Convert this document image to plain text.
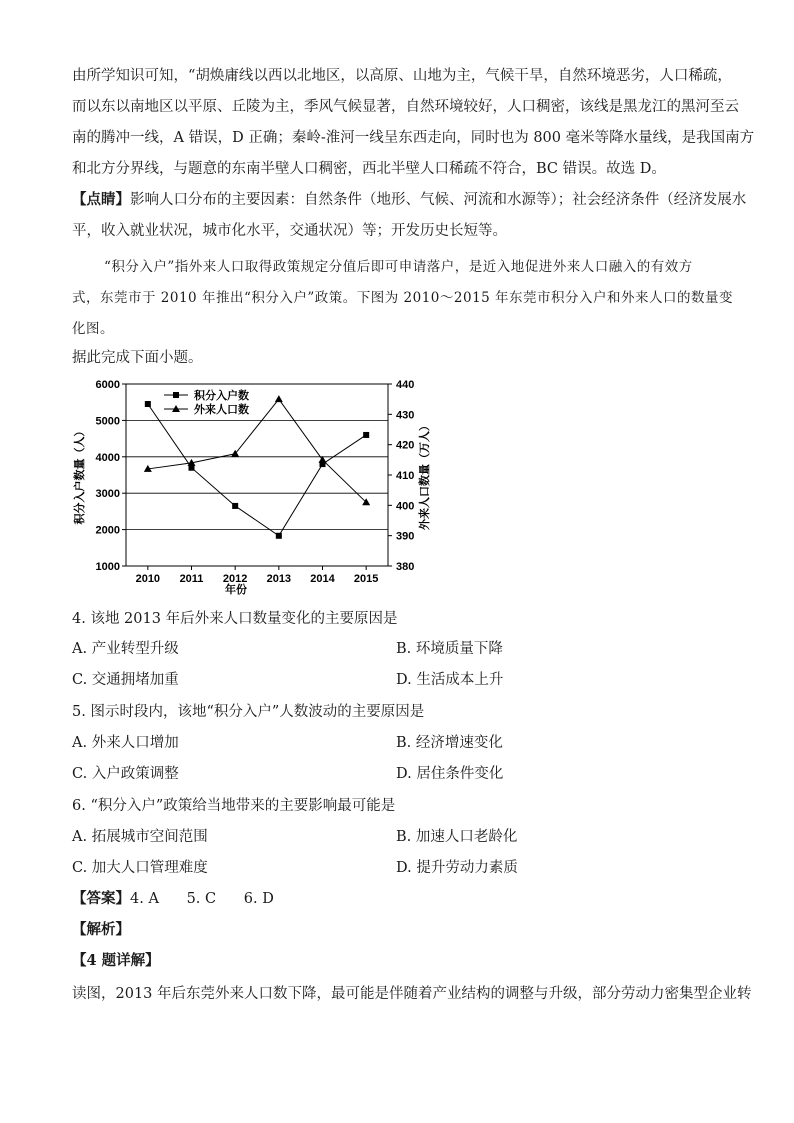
由所学知识可知，“胡焕庸线以西以北地区，以高原、山地为主，气候干旱，自然环境恶劣，人口稀疏，
而以东以南地区以平原、丘陵为主，季风气候显著，自然环境较好，人口稠密，该线是黑龙江的黑河至云
南的腾冲一线，A 错误，D 正确；秦岭-淮河一线呈东西走向，同时也为 800 毫米等降水量线，是我国南方
和北方分界线，与题意的东南半壁人口稠密，西北半壁人口稀疏不符合，BC 错误。故选 D。
【点睛】影响人口分布的主要因素：自然条件（地形、气候、河流和水源等）；社会经济条件（经济发展水
平，收入就业状况，城市化水平，交通状况）等；开发历史长短等。
“积分入户”指外来人口取得政策规定分值后即可申请落户，是近入地促进外来人口融入的有效方
式，东莞市于 2010 年推出“积分入户”政策。下图为 2010～2015 年东莞市积分入户和外来人口的数量变
化图。
据此完成下面小题。
1000
2000
3000
4000
5000
6000
380
390
400
410
420
430
440
2010 2011 2012 2013 2014 2015
积分入户数
外来人口数
年份
积分入户数量（人）	外来人口数量（万人）
4. 该地 2013 年后外来人口数量变化的主要原因是
A. 产业转型升级	B. 环境质量下降
C. 交通拥堵加重	D. 生活成本上升
5. 图示时段内，该地“积分入户”人数波动的主要原因是
A. 外来人口增加	B. 经济增速变化
C. 入户政策调整	D. 居住条件变化
6. “积分入户”政策给当地带来的主要影响最可能是
A. 拓展城市空间范围	B. 加速人口老龄化
C. 加大人口管理难度	D. 提升劳动力素质
【答案】4. A      5. C      6. D
【解析】
【4 题详解】
读图，2013 年后东莞外来人口数下降，最可能是伴随着产业结构的调整与升级，部分劳动力密集型企业转
